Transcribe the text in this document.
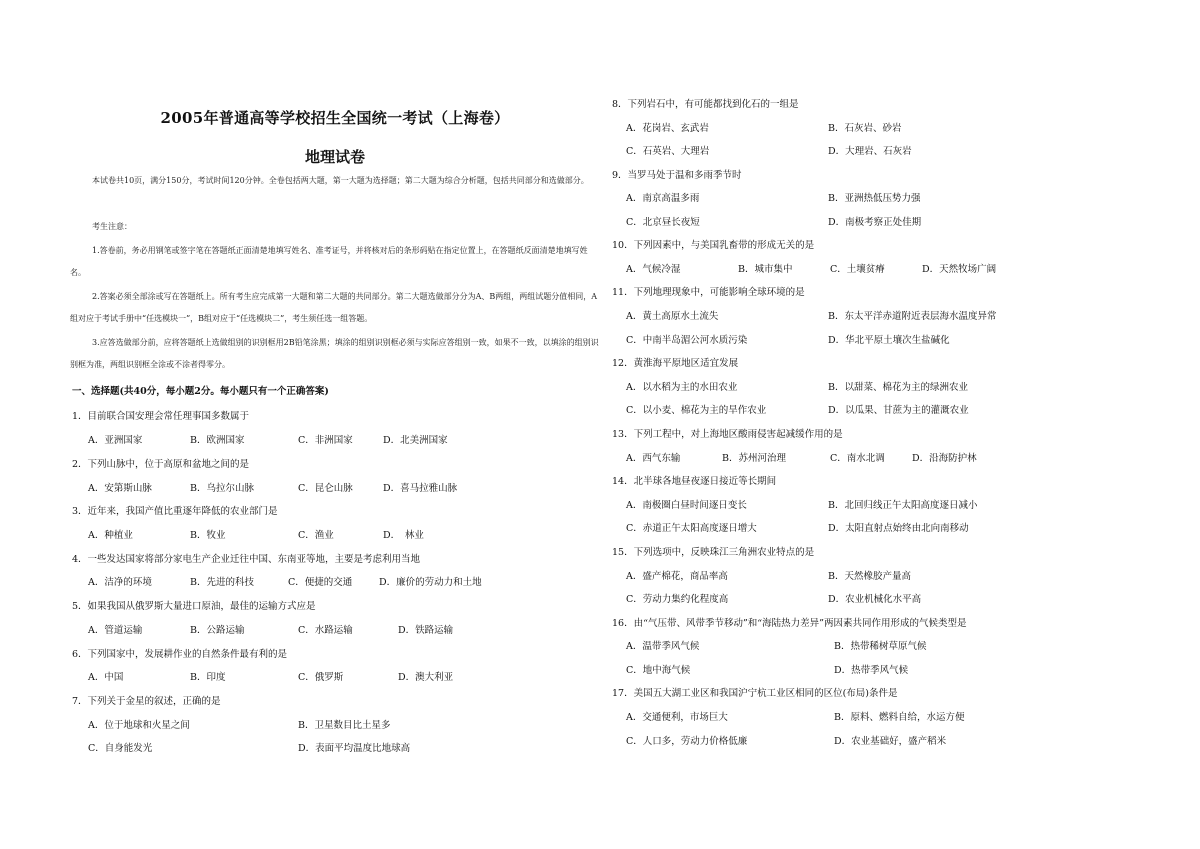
2005年普通高等学校招生全国统一考试（上海卷）
地理试卷
本试卷共10页，满分150分，考试时间120分钟。全卷包括两大题，第一大题为选择题；第二大题为综合分析题，包括共同部分和选做部分。
考生注意：
1.答卷前，务必用钢笔或签字笔在答题纸正面清楚地填写姓名、准考证号，并将核对后的条形码贴在指定位置上，在答题纸反面清楚地填写姓名。
2.答案必须全部涂或写在答题纸上。所有考生应完成第一大题和第二大题的共同部分。第二大题选做部分分为A、B两组，两组试题分值相同，A组对应于考试手册中“任选模块一”，B组对应于“任选模块二”，考生须任选一组答题。
3.应答选做部分前，应将答题纸上选做组别的识别框用2B铅笔涂黑；填涂的组别识别框必须与实际应答组别一致，如果不一致，以填涂的组别识别框为准，两组识别框全涂或不涂者得零分。
一、选择题(共40分，每小题2分。每小题只有一个正确答案)
1．目前联合国安理会常任理事国多数属于
A．亚洲国家	B．欧洲国家	C．非洲国家	D．北美洲国家
2．下列山脉中，位于高原和盆地之间的是
A．安第斯山脉	B．乌拉尔山脉	C．昆仑山脉	D．喜马拉雅山脉
3．近年来，我国产值比重逐年降低的农业部门是
A．种植业	B．牧业	C．渔业	D．　林业
4．一些发达国家将部分家电生产企业迁往中国、东南亚等地，主要是考虑利用当地
A．洁净的环境	B．先进的科技	C．便捷的交通	D．廉价的劳动力和土地
5．如果我国从俄罗斯大量进口原油，最佳的运输方式应是
A．管道运输	B．公路运输	C．水路运输	D．铁路运输
6．下列国家中，发展耕作业的自然条件最有利的是
A．中国	B．印度	C．俄罗斯	D．澳大利亚
7．下列关于金星的叙述，正确的是
A．位于地球和火星之间	B．卫星数目比土星多
C．自身能发光	D．表面平均温度比地球高
8．下列岩石中，有可能都找到化石的一组是
A．花岗岩、玄武岩	B．石灰岩、砂岩
C．石英岩、大理岩	D．大理岩、石灰岩
9．当罗马处于温和多雨季节时
A．南京高温多雨	B．亚洲热低压势力强
C．北京昼长夜短	D．南极考察正处佳期
10．下列因素中，与美国乳畜带的形成无关的是
A．气候冷湿	B．城市集中	C．土壤贫瘠	D．天然牧场广阔
11．下列地理现象中，可能影响全球环境的是
A．黄土高原水土流失	B．东太平洋赤道附近表层海水温度异常
C．中南半岛湄公河水质污染	D．华北平原土壤次生盐碱化
12．黄淮海平原地区适宜发展
A．以水稻为主的水田农业	B．以甜菜、棉花为主的绿洲农业
C．以小麦、棉花为主的旱作农业	D．以瓜果、甘蔗为主的灌溉农业
13．下列工程中，对上海地区酸雨侵害起减缓作用的是
A．西气东输	B．苏州河治理	C．南水北调	D．沿海防护林
14．北半球各地昼夜逐日接近等长期间
A．南极圈白昼时间逐日变长	B．北回归线正午太阳高度逐日减小
C．赤道正午太阳高度逐日增大	D．太阳直射点始终由北向南移动
15．下列选项中，反映珠江三角洲农业特点的是
A．盛产棉花，商品率高	B．天然橡胶产量高
C．劳动力集约化程度高	D．农业机械化水平高
16．由“气压带、风带季节移动”和“海陆热力差异”两因素共同作用形成的气候类型是
A．温带季风气候	B．热带稀树草原气候
C．地中海气候	D．热带季风气候
17．美国五大湖工业区和我国沪宁杭工业区相同的区位(布局)条件是
A．交通便利，市场巨大	B．原料、燃料自给，水运方便
C．人口多，劳动力价格低廉	D．农业基础好，盛产稻米
